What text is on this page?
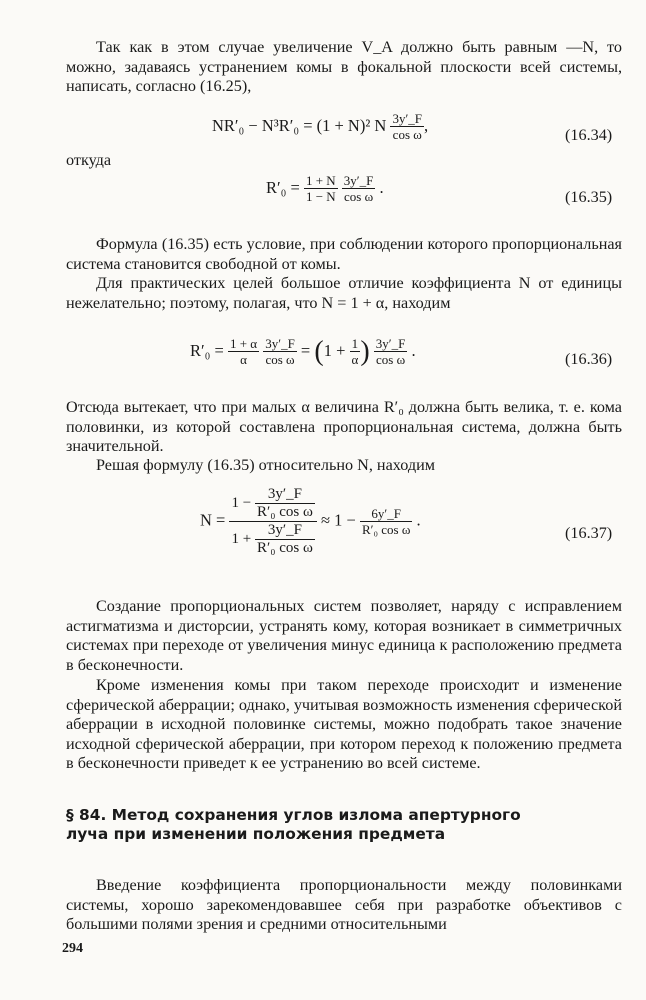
Так как в этом случае увеличение V_A должно быть равным —N, то можно, задаваясь устранением комы в фокальной плоскости всей системы, написать, согласно (16.25),

NR′₀ − N³R′₀ = (1 + N)² N $\frac{3y'\_F}{\text{cos ω}}$ ,
(16.34)
откуда
$R'_0 = \frac{1 + N}{1 - N}$
$\frac{3y'\_F}{\text{cos ω}}$ .
(16.35)

Формула (16.35) есть условие, при соблюдении которого пропорциональная система становится свободной от комы.

Для практических целей большое отличие коэффициента N от единицы нежелательно; поэтому, полагая, что N = 1 + α, находим

$R'_0 = \frac{1 + \alpha}{\alpha}$
$\frac{3y'\_F}{\text{cos ω}} = (1 + \frac{1}{\alpha}$ ) $\frac{3y'\_F}{\text{cos ω}}$ .	(16.36)

Отсюда вытекает, что при малых α величина R′₀ должна быть велика, т. е. кома половинки, из которой составлена пропорциональная система, должна быть значительной.

Решая формулу (16.35) относительно N, находим

$N = \frac{1 - \frac{3y'\_F}{\text{R′₀ cos ω}}}{1 + \frac{3y'\_F}{\text{R′₀ cos ω}}} \approx 1 - \frac{6y'\_F}{\text{R′₀ cos ω}}$ .
(16.37)

Создание пропорциональных систем позволяет, наряду с исправлением астигматизма и дисторсии, устранять кому, которая возникает в симметричных системах при переходе от увеличения минус единица к расположению предмета в бесконечности.

Кроме изменения комы при таком переходе происходит и изменение сферической аберрации; однако, учитывая возможность изменения сферической аберрации в исходной половинке системы, можно подобрать такое значение исходной сферической аберрации, при котором переход к положению предмета в бесконечности приведет к ее устранению во всей системе.

§ 84. Метод сохранения углов излома апертурного луча при изменении положения предмета

Введение коэффициента пропорциональности между половинками системы, хорошо зарекомендовавшее себя при разработке объективов с большими полями зрения и средними относительными

294
